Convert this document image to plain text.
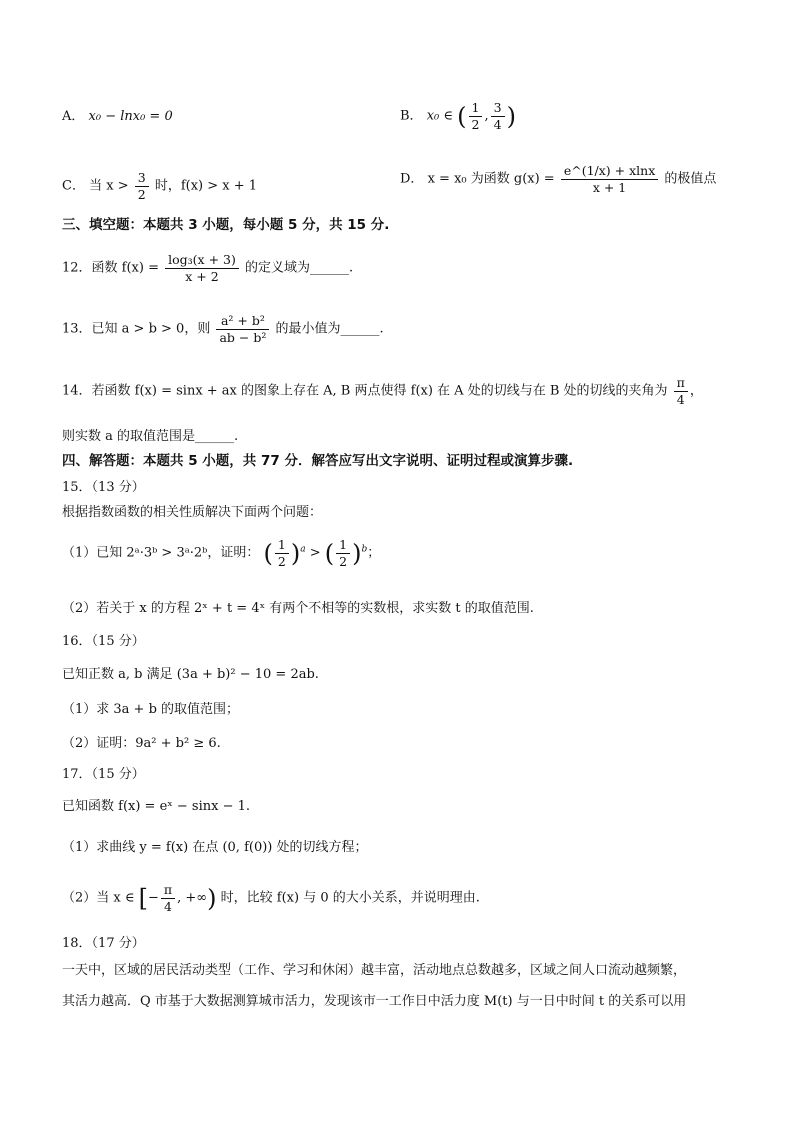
A． x₀ − lnx₀ = 0	B． x₀ ∈ ( $\frac{1}{2}$ , $\frac{3}{4}$ )
C． 当 $x > \frac{3}{2}$ 时，f(x) > x + 1	D． x = x₀ 为函数 $g(x) = \frac{e\^{}(1/x) + xlnx}{x + 1}$ 的极值点
三、填空题：本题共 3 小题，每小题 5 分，共 15 分.
12．函数 $f(x) = \frac{\text{log₃(x + 3)}}{x + 2}$ 的定义域为______.
13．已知 a > b > 0，则 $\frac{\text{a² + b²}}{\text{ab − b²}}$ 的最小值为______.
14．若函数 f(x) = sinx + ax 的图象上存在 A, B 两点使得 f(x) 在 A 处的切线与在 B 处的切线的夹角为 $\frac{\pi}{4}$ ，
则实数 a 的取值范围是______.
四、解答题：本题共 5 小题，共 77 分．解答应写出文字说明、证明过程或演算步骤.
15．（13 分）
根据指数函数的相关性质解决下面两个问题：
（1）已知 2ᵃ·3ᵇ > 3ᵃ·2ᵇ，证明： ( $\frac{1}{2} )^a$ > ( $\frac{1}{2} )^b$；
（2）若关于 x 的方程 2ˣ + t = 4ˣ 有两个不相等的实数根，求实数 t 的取值范围.
16．（15 分）
已知正数 a, b 满足 (3a + b)² − 10 = 2ab.
（1）求 3a + b 的取值范围；
（2）证明：9a² + b² ≥ 6.
17．（15 分）
已知函数 f(x) = eˣ − sinx − 1.
（1）求曲线 y = f(x) 在点 (0, f(0)) 处的切线方程；
（2）当 x ∈ [− $\frac{\pi}{4}$ , +∞) 时，比较 f(x) 与 0 的大小关系，并说明理由.
18．（17 分）
一天中，区域的居民活动类型（工作、学习和休闲）越丰富，活动地点总数越多，区域之间人口流动越频繁，
其活力越高．Q 市基于大数据测算城市活力，发现该市一工作日中活力度 M(t) 与一日中时间 t 的关系可以用
